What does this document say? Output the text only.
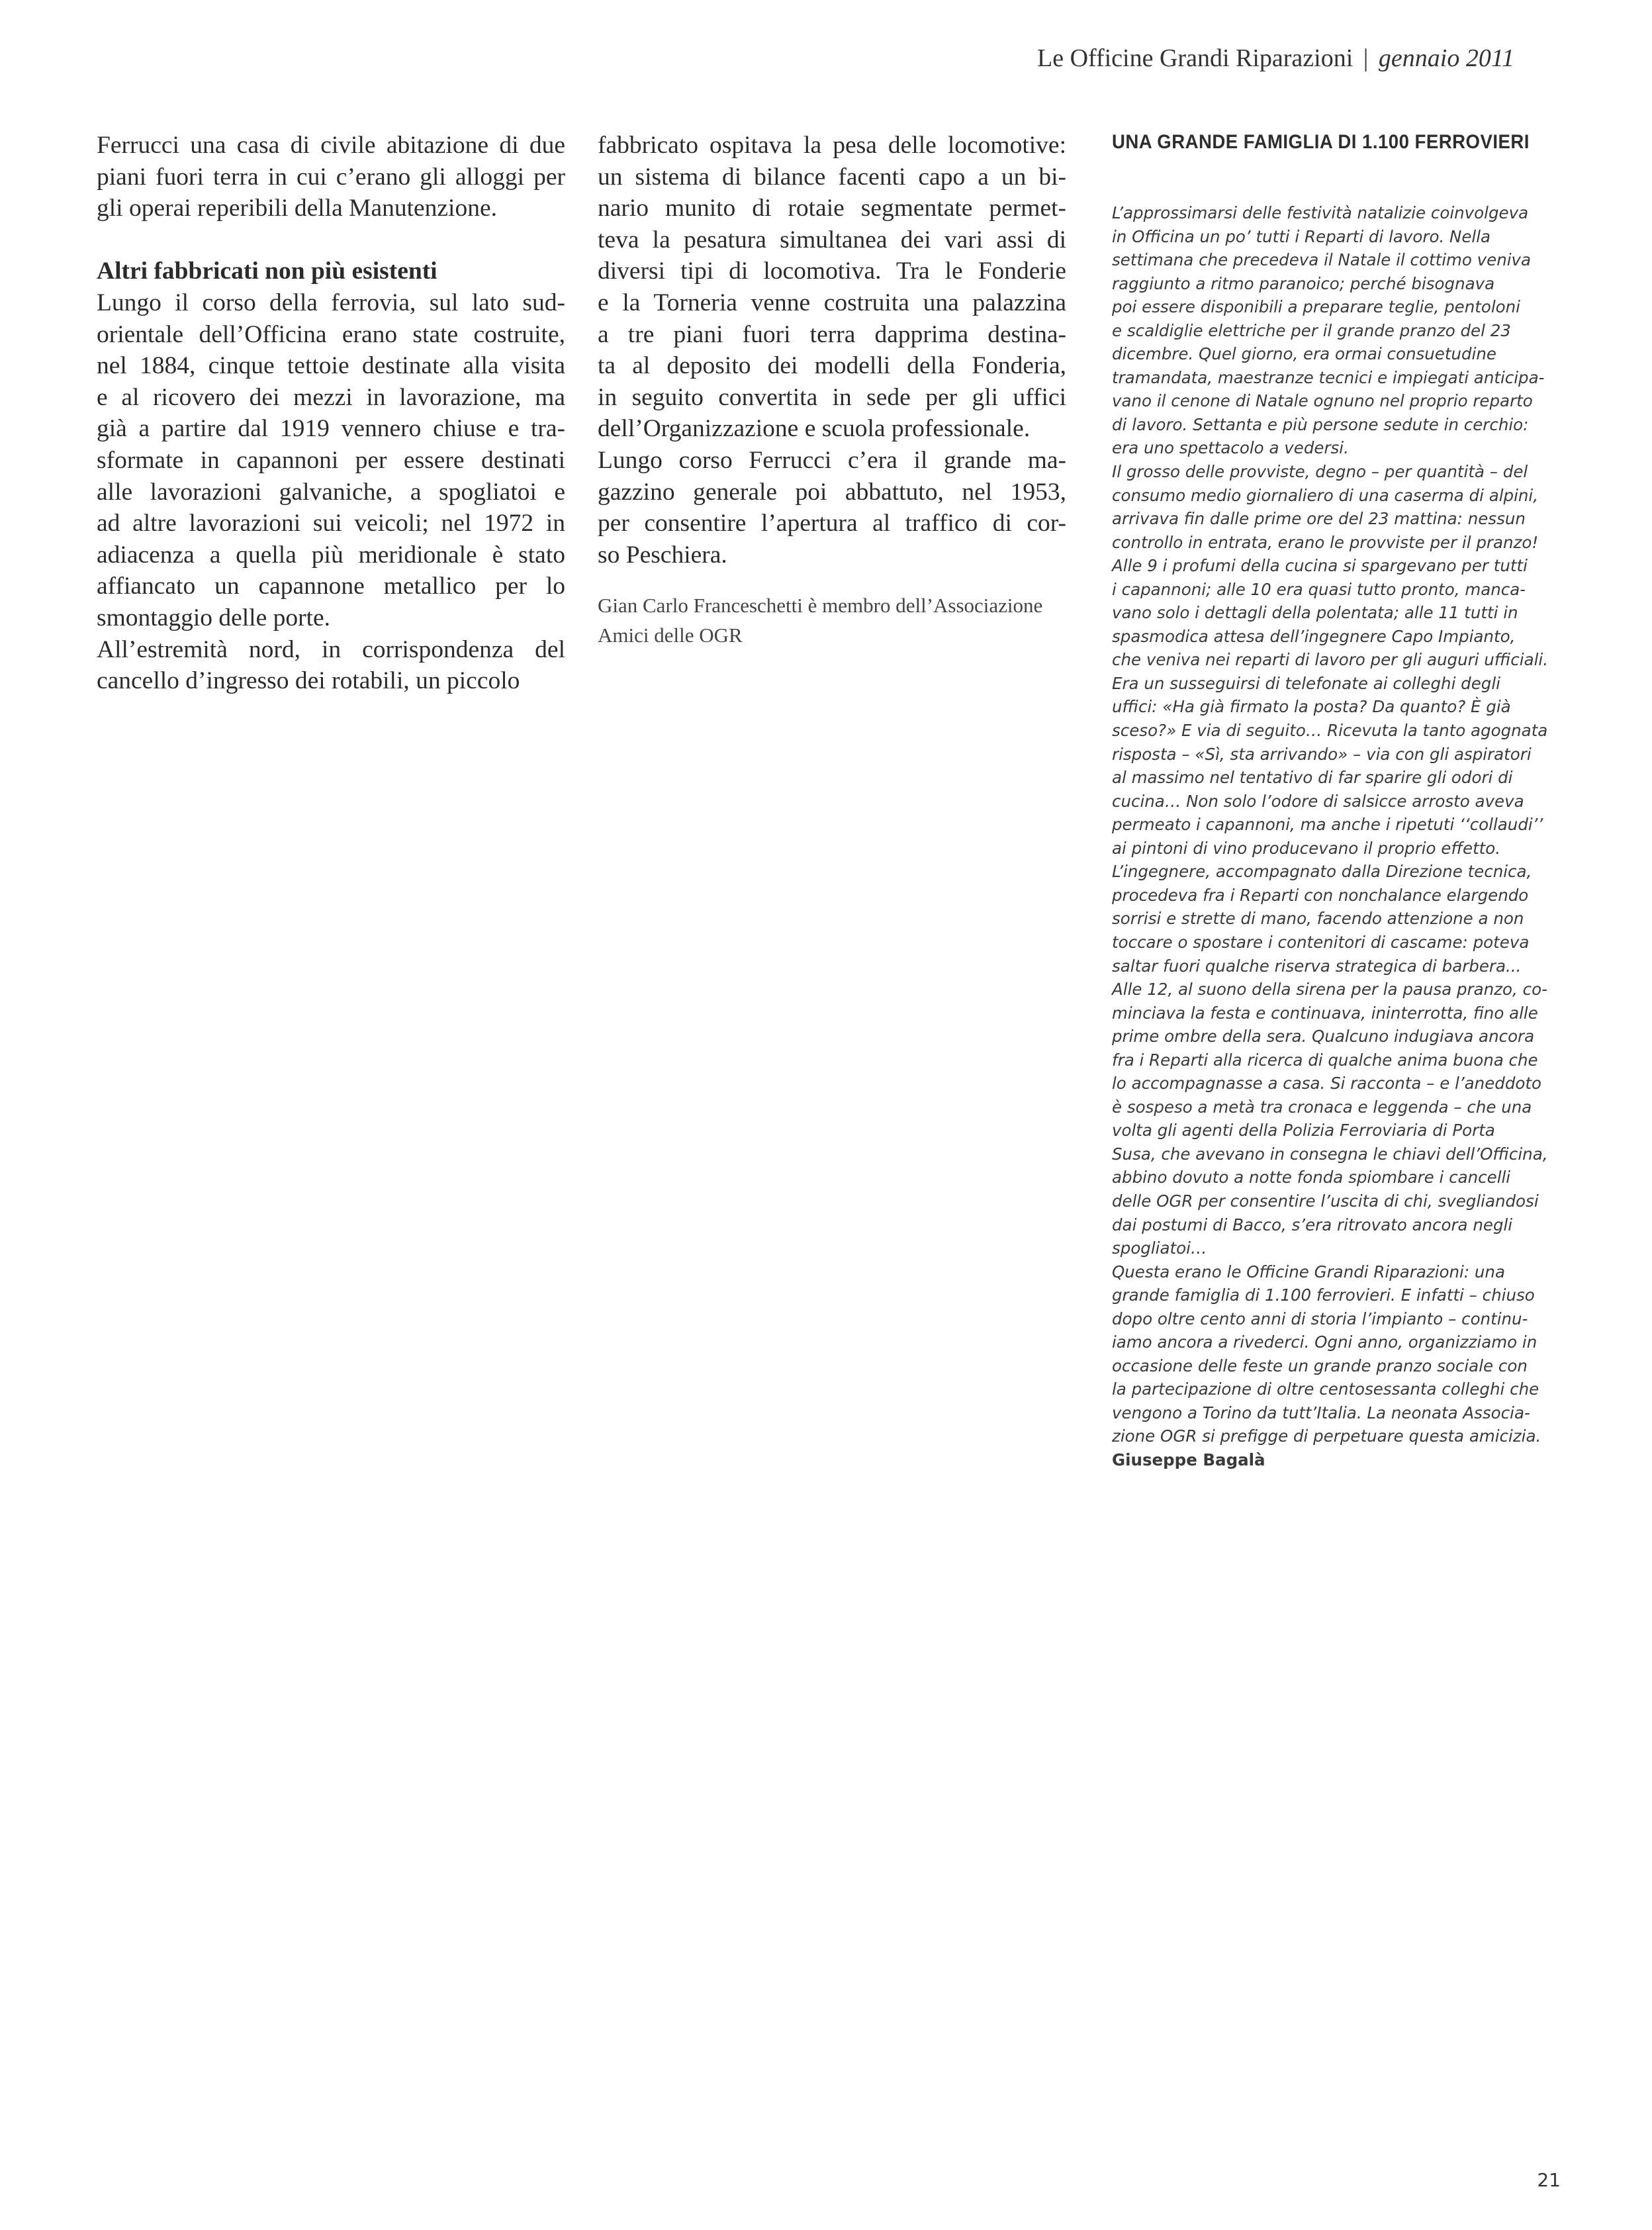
Le Officine Grandi Riparazioni | gennaio 2011
Ferrucci una casa di civile abitazione di due
piani fuori terra in cui c’erano gli alloggi per
gli operai reperibili della Manutenzione.
Altri fabbricati non più esistenti
Lungo il corso della ferrovia, sul lato sud-
orientale dell’Officina erano state costruite,
nel 1884, cinque tettoie destinate alla visita
e al ricovero dei mezzi in lavorazione, ma
già a partire dal 1919 vennero chiuse e tra-
sformate in capannoni per essere destinati
alle lavorazioni galvaniche, a spogliatoi e
ad altre lavorazioni sui veicoli; nel 1972 in
adiacenza a quella più meridionale è stato
affiancato un capannone metallico per lo
smontaggio delle porte.
All’estremità nord, in corrispondenza del
cancello d’ingresso dei rotabili, un piccolo
fabbricato ospitava la pesa delle locomotive:
un sistema di bilance facenti capo a un bi-
nario munito di rotaie segmentate permet-
teva la pesatura simultanea dei vari assi di
diversi tipi di locomotiva. Tra le Fonderie
e la Torneria venne costruita una palazzina
a tre piani fuori terra dapprima destina-
ta al deposito dei modelli della Fonderia,
in seguito convertita in sede per gli uffici
dell’Organizzazione e scuola professionale.
Lungo corso Ferrucci c’era il grande ma-
gazzino generale poi abbattuto, nel 1953,
per consentire l’apertura al traffico di cor-
so Peschiera.
Gian Carlo Franceschetti è membro dell’Associazione
Amici delle OGR
UNA GRANDE FAMIGLIA DI 1.100 FERROVIERI
L’approssimarsi delle festività natalizie coinvolgeva
in Officina un po’ tutti i Reparti di lavoro. Nella
settimana che precedeva il Natale il cottimo veniva
raggiunto a ritmo paranoico; perché bisognava
poi essere disponibili a preparare teglie, pentoloni
e scaldiglie elettriche per il grande pranzo del 23
dicembre. Quel giorno, era ormai consuetudine
tramandata, maestranze tecnici e impiegati anticipa-
vano il cenone di Natale ognuno nel proprio reparto
di lavoro. Settanta e più persone sedute in cerchio:
era uno spettacolo a vedersi.
Il grosso delle provviste, degno – per quantità – del
consumo medio giornaliero di una caserma di alpini,
arrivava fin dalle prime ore del 23 mattina: nessun
controllo in entrata, erano le provviste per il pranzo!
Alle 9 i profumi della cucina si spargevano per tutti
i capannoni; alle 10 era quasi tutto pronto, manca-
vano solo i dettagli della polentata; alle 11 tutti in
spasmodica attesa dell’ingegnere Capo Impianto,
che veniva nei reparti di lavoro per gli auguri ufficiali.
Era un susseguirsi di telefonate ai colleghi degli
uffici: «Ha già firmato la posta? Da quanto? È già
sceso?» E via di seguito… Ricevuta la tanto agognata
risposta – «Sì, sta arrivando» – via con gli aspiratori
al massimo nel tentativo di far sparire gli odori di
cucina… Non solo l’odore di salsicce arrosto aveva
permeato i capannoni, ma anche i ripetuti ‘‘collaudi’’
ai pintoni di vino producevano il proprio effetto.
L’ingegnere, accompagnato dalla Direzione tecnica,
procedeva fra i Reparti con nonchalance elargendo
sorrisi e strette di mano, facendo attenzione a non
toccare o spostare i contenitori di cascame: poteva
saltar fuori qualche riserva strategica di barbera...
Alle 12, al suono della sirena per la pausa pranzo, co-
minciava la festa e continuava, ininterrotta, fino alle
prime ombre della sera. Qualcuno indugiava ancora
fra i Reparti alla ricerca di qualche anima buona che
lo accompagnasse a casa. Si racconta – e l’aneddoto
è sospeso a metà tra cronaca e leggenda – che una
volta gli agenti della Polizia Ferroviaria di Porta
Susa, che avevano in consegna le chiavi dell’Officina,
abbino dovuto a notte fonda spiombare i cancelli
delle OGR per consentire l’uscita di chi, svegliandosi
dai postumi di Bacco, s’era ritrovato ancora negli
spogliatoi…
Questa erano le Officine Grandi Riparazioni: una
grande famiglia di 1.100 ferrovieri. E infatti – chiuso
dopo oltre cento anni di storia l’impianto – continu-
iamo ancora a rivederci. Ogni anno, organizziamo in
occasione delle feste un grande pranzo sociale con
la partecipazione di oltre centosessanta colleghi che
vengono a Torino da tutt’Italia. La neonata Associa-
zione OGR si prefigge di perpetuare questa amicizia.
Giuseppe Bagalà
21
